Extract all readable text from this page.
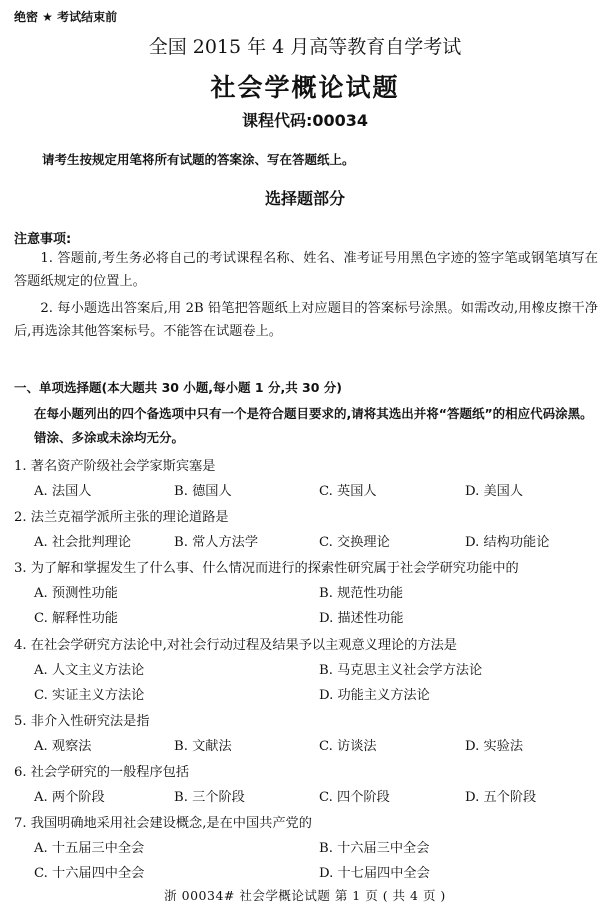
绝密 ★ 考试结束前
全国 2015 年 4 月高等教育自学考试
社会学概论试题
课程代码:00034
请考生按规定用笔将所有试题的答案涂、写在答题纸上。
选择题部分
注意事项:
1. 答题前,考生务必将自己的考试课程名称、姓名、准考证号用黑色字迹的签字笔或钢笔填写在答题纸规定的位置上。
2. 每小题选出答案后,用 2B 铅笔把答题纸上对应题目的答案标号涂黑。如需改动,用橡皮擦干净后,再选涂其他答案标号。不能答在试题卷上。
一、单项选择题(本大题共 30 小题,每小题 1 分,共 30 分)
在每小题列出的四个备选项中只有一个是符合题目要求的,请将其选出并将“答题纸”的相应代码涂黑。错涂、多涂或未涂均无分。
1. 著名资产阶级社会学家斯宾塞是
A. 法国人	B. 德国人	C. 英国人	D. 美国人
2. 法兰克福学派所主张的理论道路是
A. 社会批判理论	B. 常人方法学	C. 交换理论	D. 结构功能论
3. 为了解和掌握发生了什么事、什么情况而进行的探索性研究属于社会学研究功能中的
A. 预测性功能	B. 规范性功能
C. 解释性功能	D. 描述性功能
4. 在社会学研究方法论中,对社会行动过程及结果予以主观意义理论的方法是
A. 人文主义方法论	B. 马克思主义社会学方法论
C. 实证主义方法论	D. 功能主义方法论
5. 非介入性研究法是指
A. 观察法	B. 文献法	C. 访谈法	D. 实验法
6. 社会学研究的一般程序包括
A. 两个阶段	B. 三个阶段	C. 四个阶段	D. 五个阶段
7. 我国明确地采用社会建设概念,是在中国共产党的
A. 十五届三中全会	B. 十六届三中全会
C. 十六届四中全会	D. 十七届四中全会
浙 00034# 社会学概论试题 第 1 页 ( 共 4 页 )
